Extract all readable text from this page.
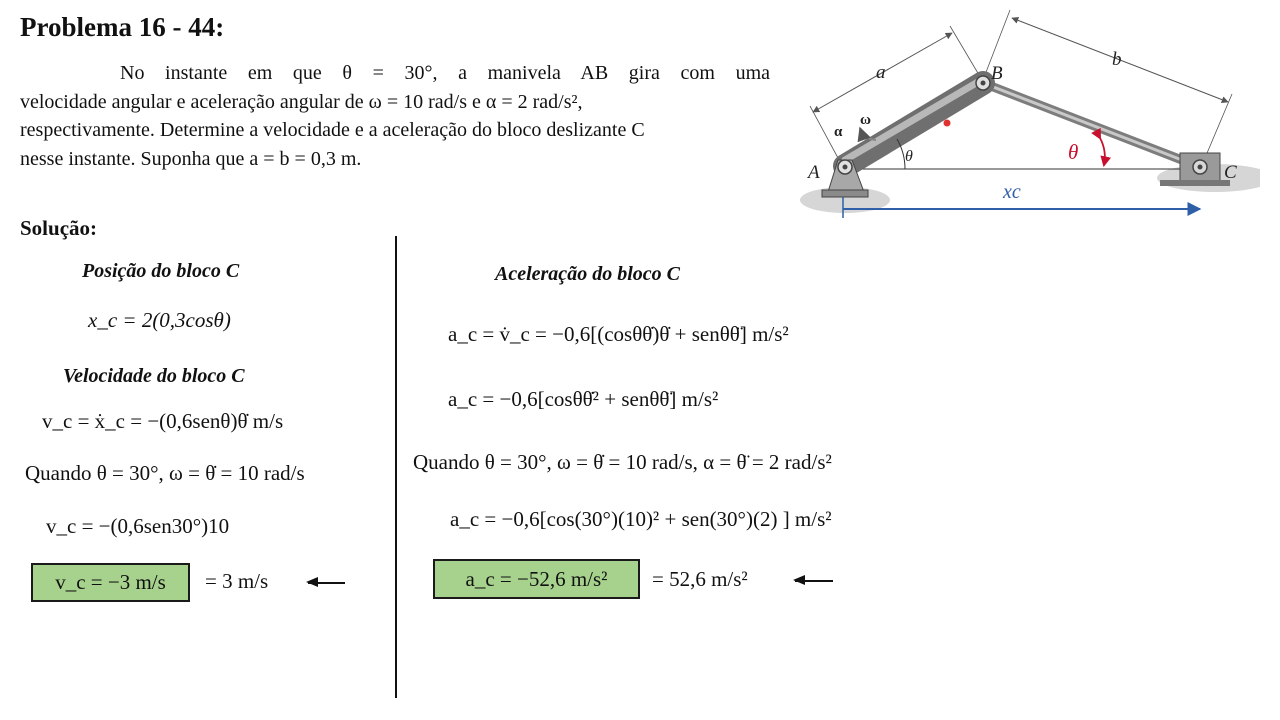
Problema 16 - 44:
No instante em que θ = 30°, a manivela AB gira com uma
velocidade angular e aceleração angular de ω = 10 rad/s e α = 2 rad/s²,
respectivamente. Determine a velocidade e a aceleração do bloco deslizante C
nesse instante. Suponha que a = b = 0,3 m.
a
b
A
B
C
ω
α
θ	θ
xc
Solução:
Posição do bloco C
x_c = 2(0,3cosθ)
Velocidade do bloco C
v_c = ẋ_c = −(0,6senθ)θ̇ m/s
Quando θ = 30°, ω = θ̇ = 10 rad/s
v_c = −(0,6sen30°)10
v_c = −3 m/s	= 3 m/s
Aceleração do bloco C
a_c = v̇_c = −0,6[(cosθθ̇)θ̇ + senθθ̈] m/s²
a_c = −0,6[cosθθ̇² + senθθ̈] m/s²
Quando θ = 30°, ω = θ̇ = 10 rad/s, α = θ̈ = 2 rad/s²
a_c = −0,6[cos(30°)(10)² + sen(30°)(2) ] m/s²
a_c = −52,6 m/s²	= 52,6 m/s²
